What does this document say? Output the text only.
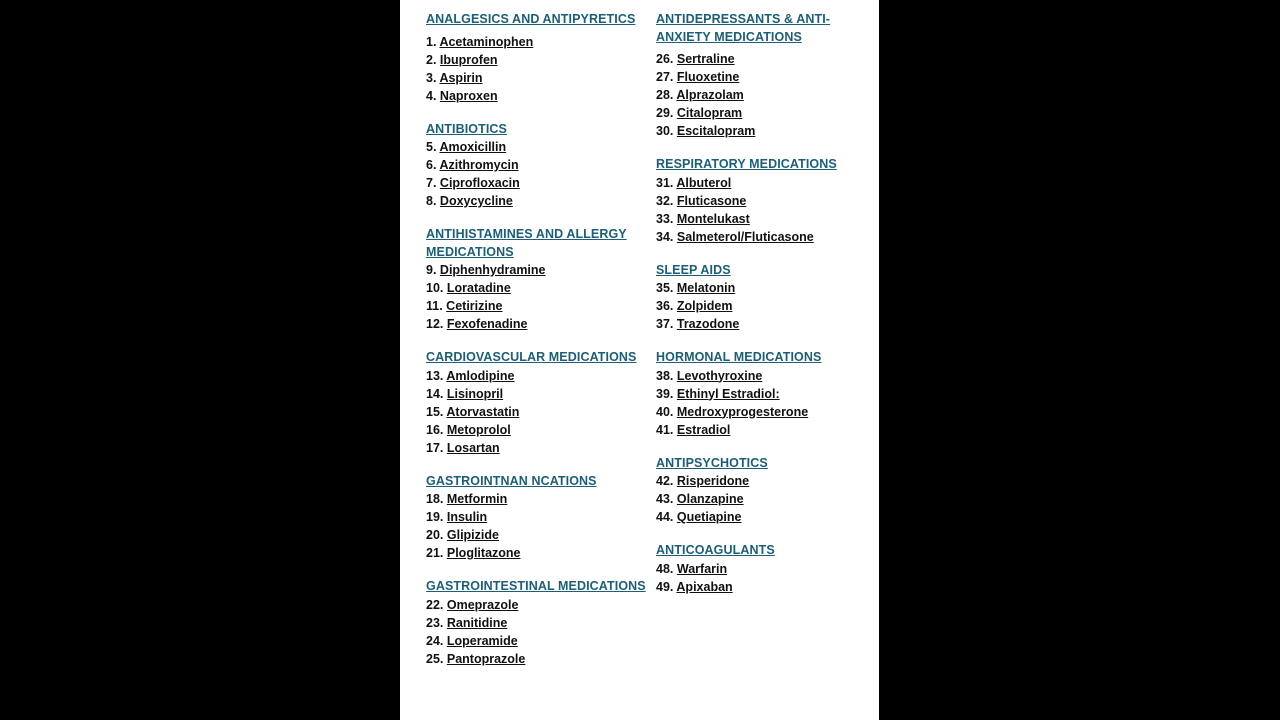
ANALGESICS AND ANTIPYRETICS
1. Acetaminophen
2. Ibuprofen
3. Aspirin
4. Naproxen
ANTIBIOTICS
5. Amoxicillin
6. Azithromycin
7. Ciprofloxacin
8. Doxycycline
ANTIHISTAMINES AND ALLERGY MEDICATIONS
9. Diphenhydramine
10. Loratadine
11. Cetirizine
12. Fexofenadine
CARDIOVASCULAR MEDICATIONS
13. Amlodipine
14. Lisinopril
15. Atorvastatin
16. Metoprolol
17. Losartan
GASTROINTNAN NCATIONS
18. Metformin
19. Insulin
20. Glipizide
21. Ploglitazone
GASTROINTESTINAL MEDICATIONS
22. Omeprazole
23. Ranitidine
24. Loperamide
25. Pantoprazole
ANTIDEPRESSANTS & ANTI-ANXIETY MEDICATIONS
26. Sertraline
27. Fluoxetine
28. Alprazolam
29. Citalopram
30. Escitalopram
RESPIRATORY MEDICATIONS
31. Albuterol
32. Fluticasone
33. Montelukast
34. Salmeterol/Fluticasone
SLEEP AIDS
35. Melatonin
36. Zolpidem
37. Trazodone
HORMONAL MEDICATIONS
38. Levothyroxine
39. Ethinyl Estradiol:
40. Medroxyprogesterone
41. Estradiol
ANTIPSYCHOTICS
42. Risperidone
43. Olanzapine
44. Quetiapine
ANTICOAGULANTS
48. Warfarin
49. Apixaban
